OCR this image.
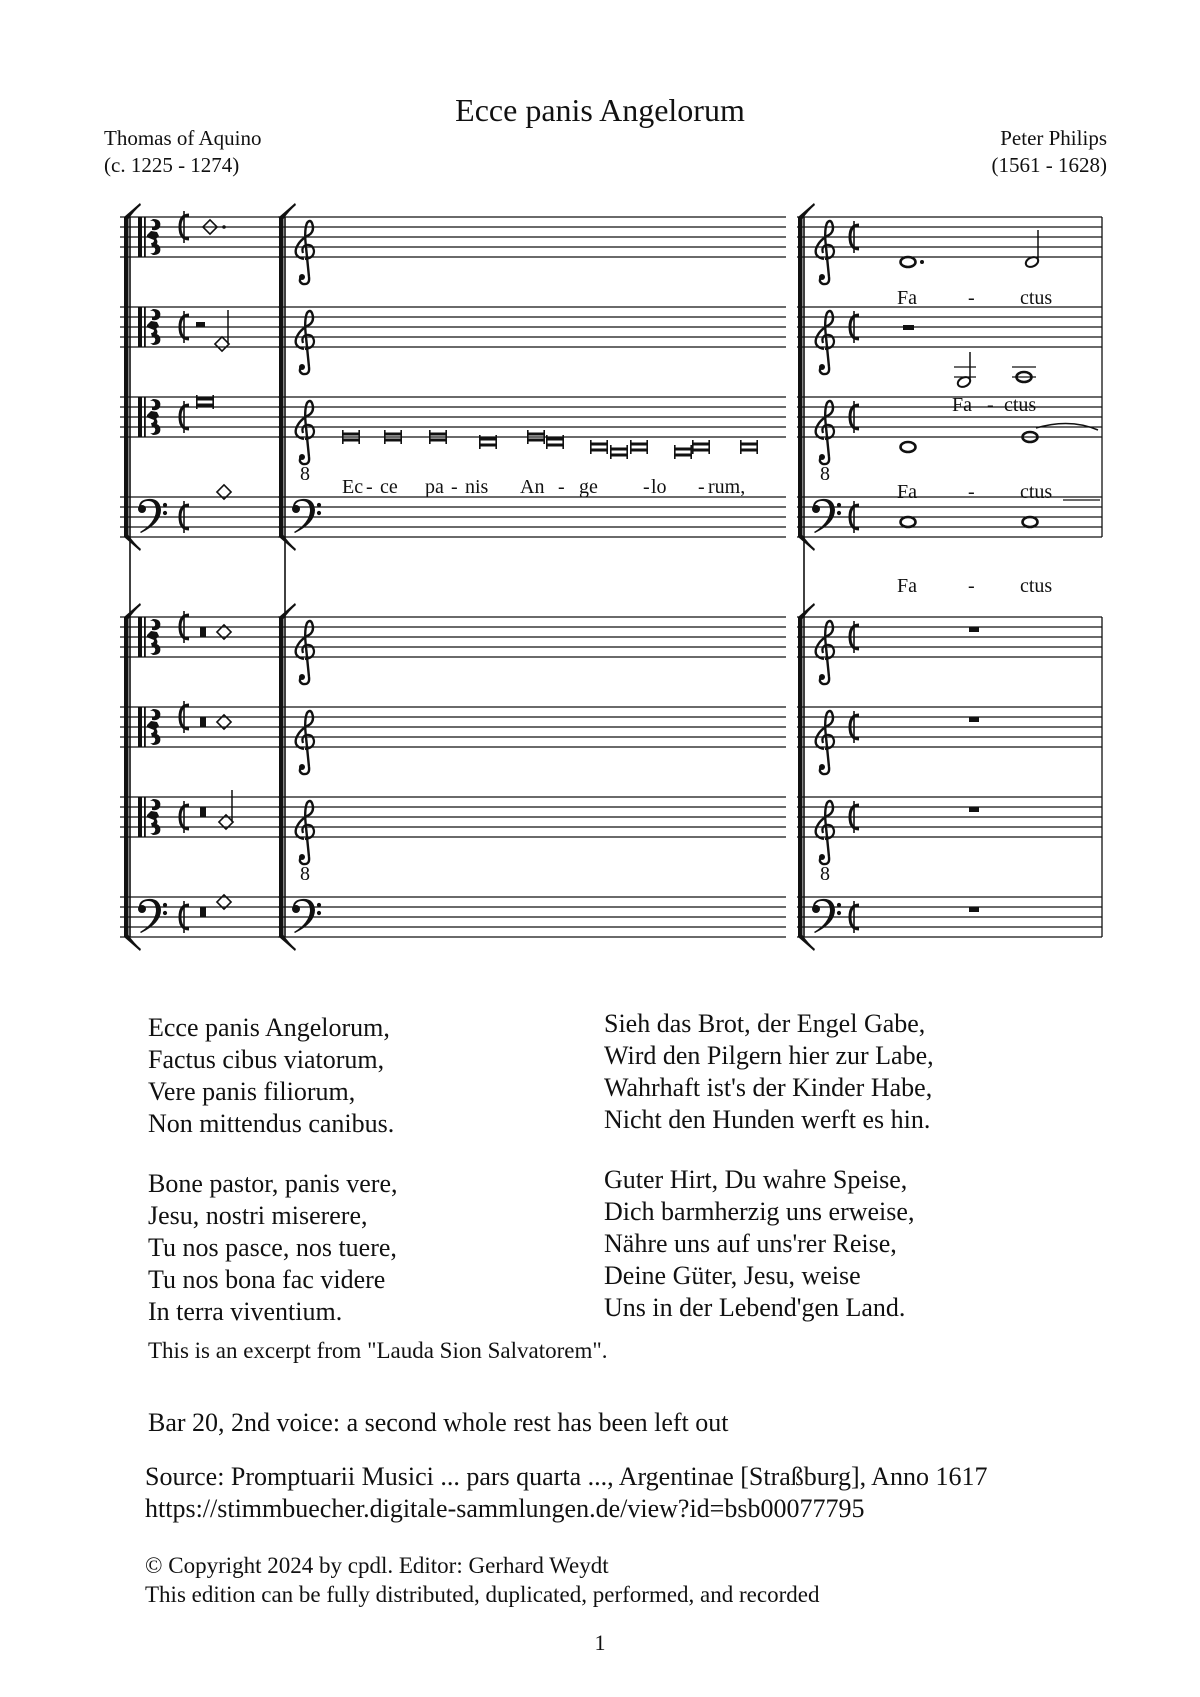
Ecce panis Angelorum
Thomas of Aquino
(c. 1225 - 1274)
Peter Philips
(1561 - 1628)
8
8
Ec - ce pa - nis An - ge - lo - rum,
8
8
Fa	- ctus
Fa - ctus
Fa	- ctus
Fa	- ctus
Ecce panis Angelorum,
Factus cibus viatorum,
Vere panis filiorum,
Non mittendus canibus.
Bone pastor, panis vere,
Jesu, nostri miserere,
Tu nos pasce, nos tuere,
Tu nos bona fac videre
In terra viventium.
Sieh das Brot, der Engel Gabe,
Wird den Pilgern hier zur Labe,
Wahrhaft ist's der Kinder Habe,
Nicht den Hunden werft es hin.
Guter Hirt, Du wahre Speise,
Dich barmherzig uns erweise,
Nähre uns auf uns'rer Reise,
Deine Güter, Jesu, weise
Uns in der Lebend'gen Land.
This is an excerpt from "Lauda Sion Salvatorem".
Bar 20, 2nd voice: a second whole rest has been left out
Source: Promptuarii Musici ... pars quarta ..., Argentinae [Straßburg], Anno 1617
https://stimmbuecher.digitale-sammlungen.de/view?id=bsb00077795
© Copyright 2024 by cpdl. Editor: Gerhard Weydt
This edition can be fully distributed, duplicated, performed, and recorded
1
